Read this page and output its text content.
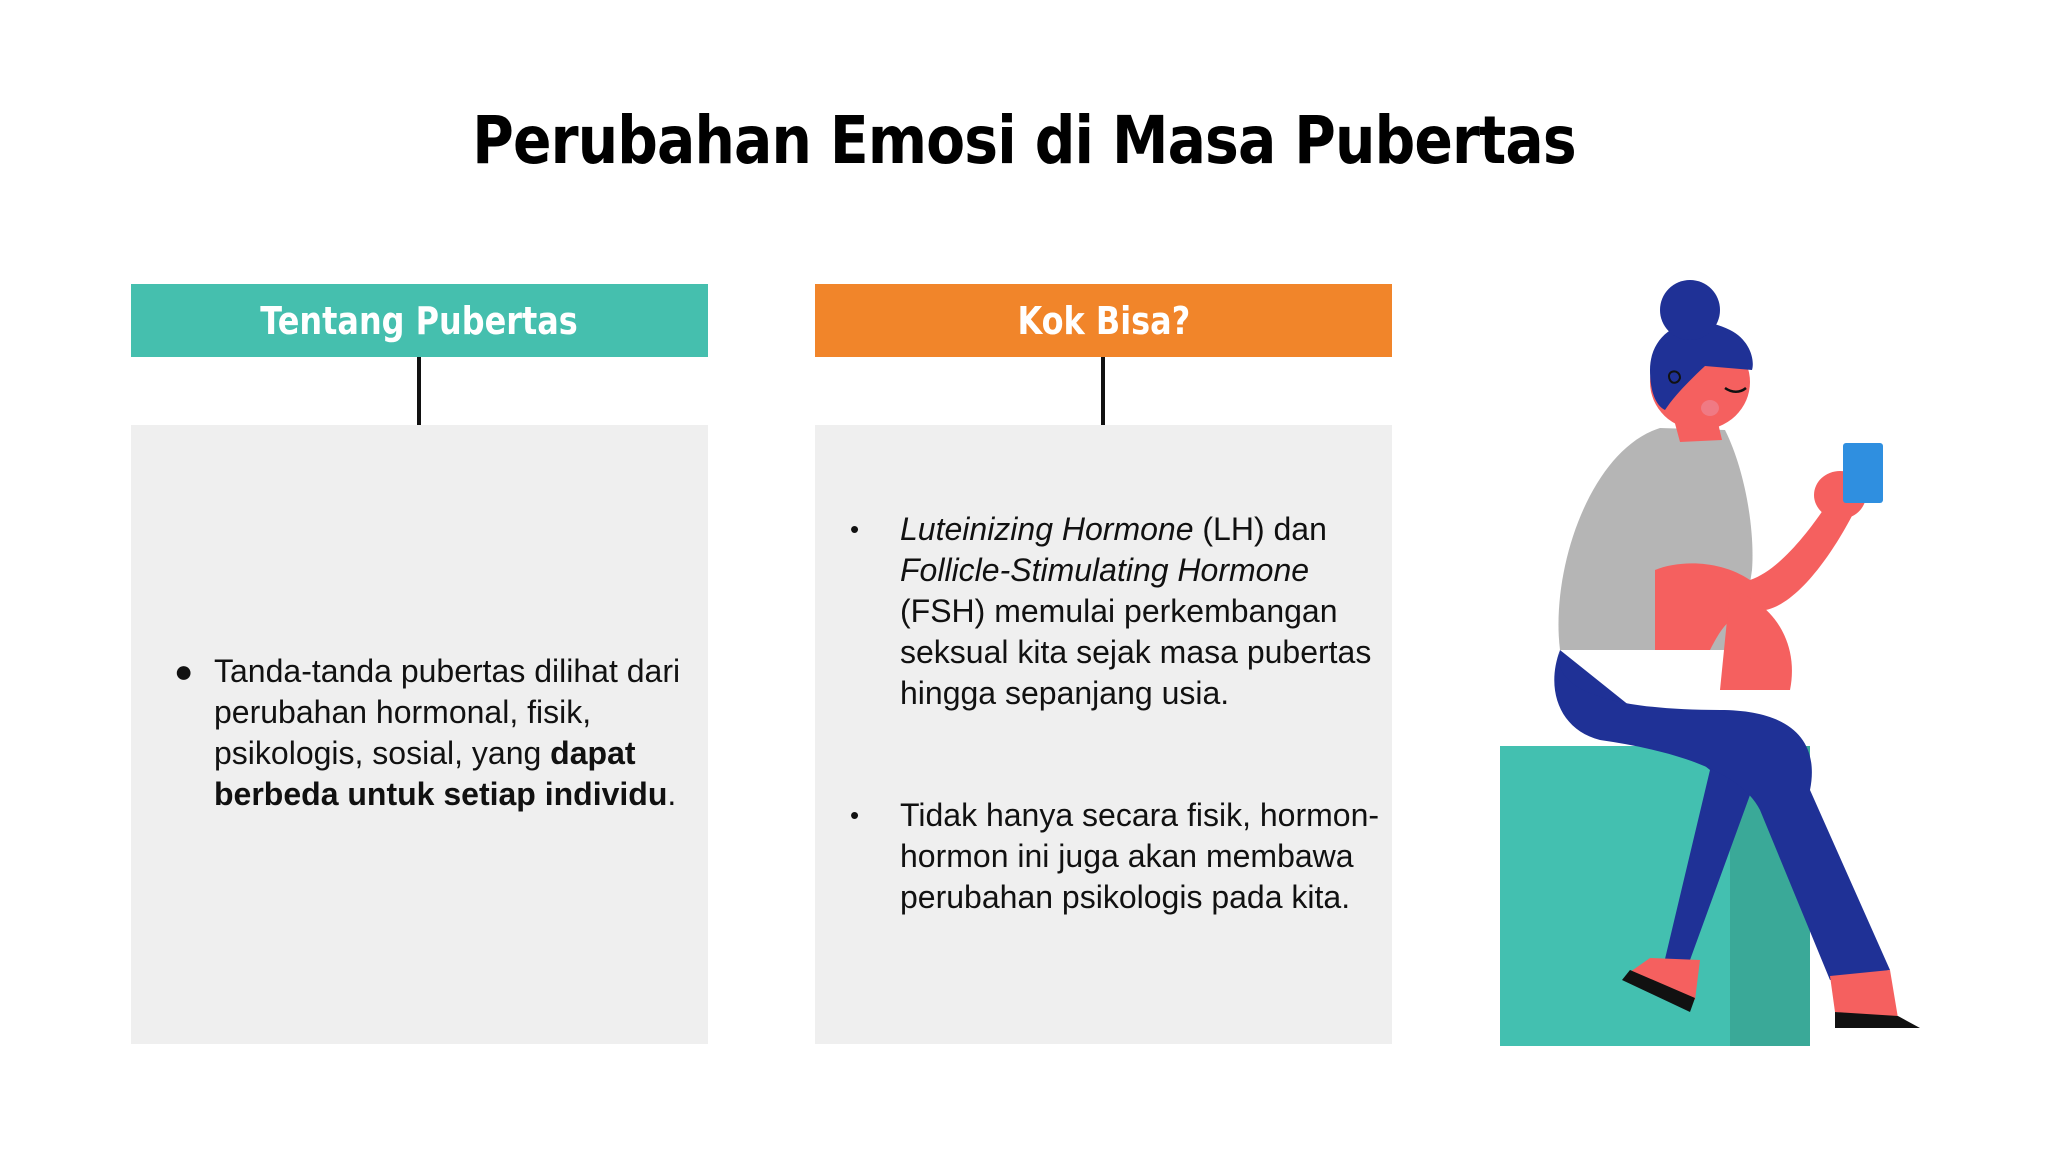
Perubahan Emosi di Masa Pubertas
Tentang Pubertas
● Tanda-tanda pubertas dilihat dari perubahan hormonal, fisik, psikologis, sosial, yang dapat berbeda untuk setiap individu.
Kok Bisa?
•	Luteinizing Hormone (LH) dan Follicle-Stimulating Hormone (FSH) memulai perkembangan seksual kita sejak masa pubertas hingga sepanjang usia.
•	Tidak hanya secara fisik, hormon-hormon ini juga akan membawa perubahan psikologis pada kita.
